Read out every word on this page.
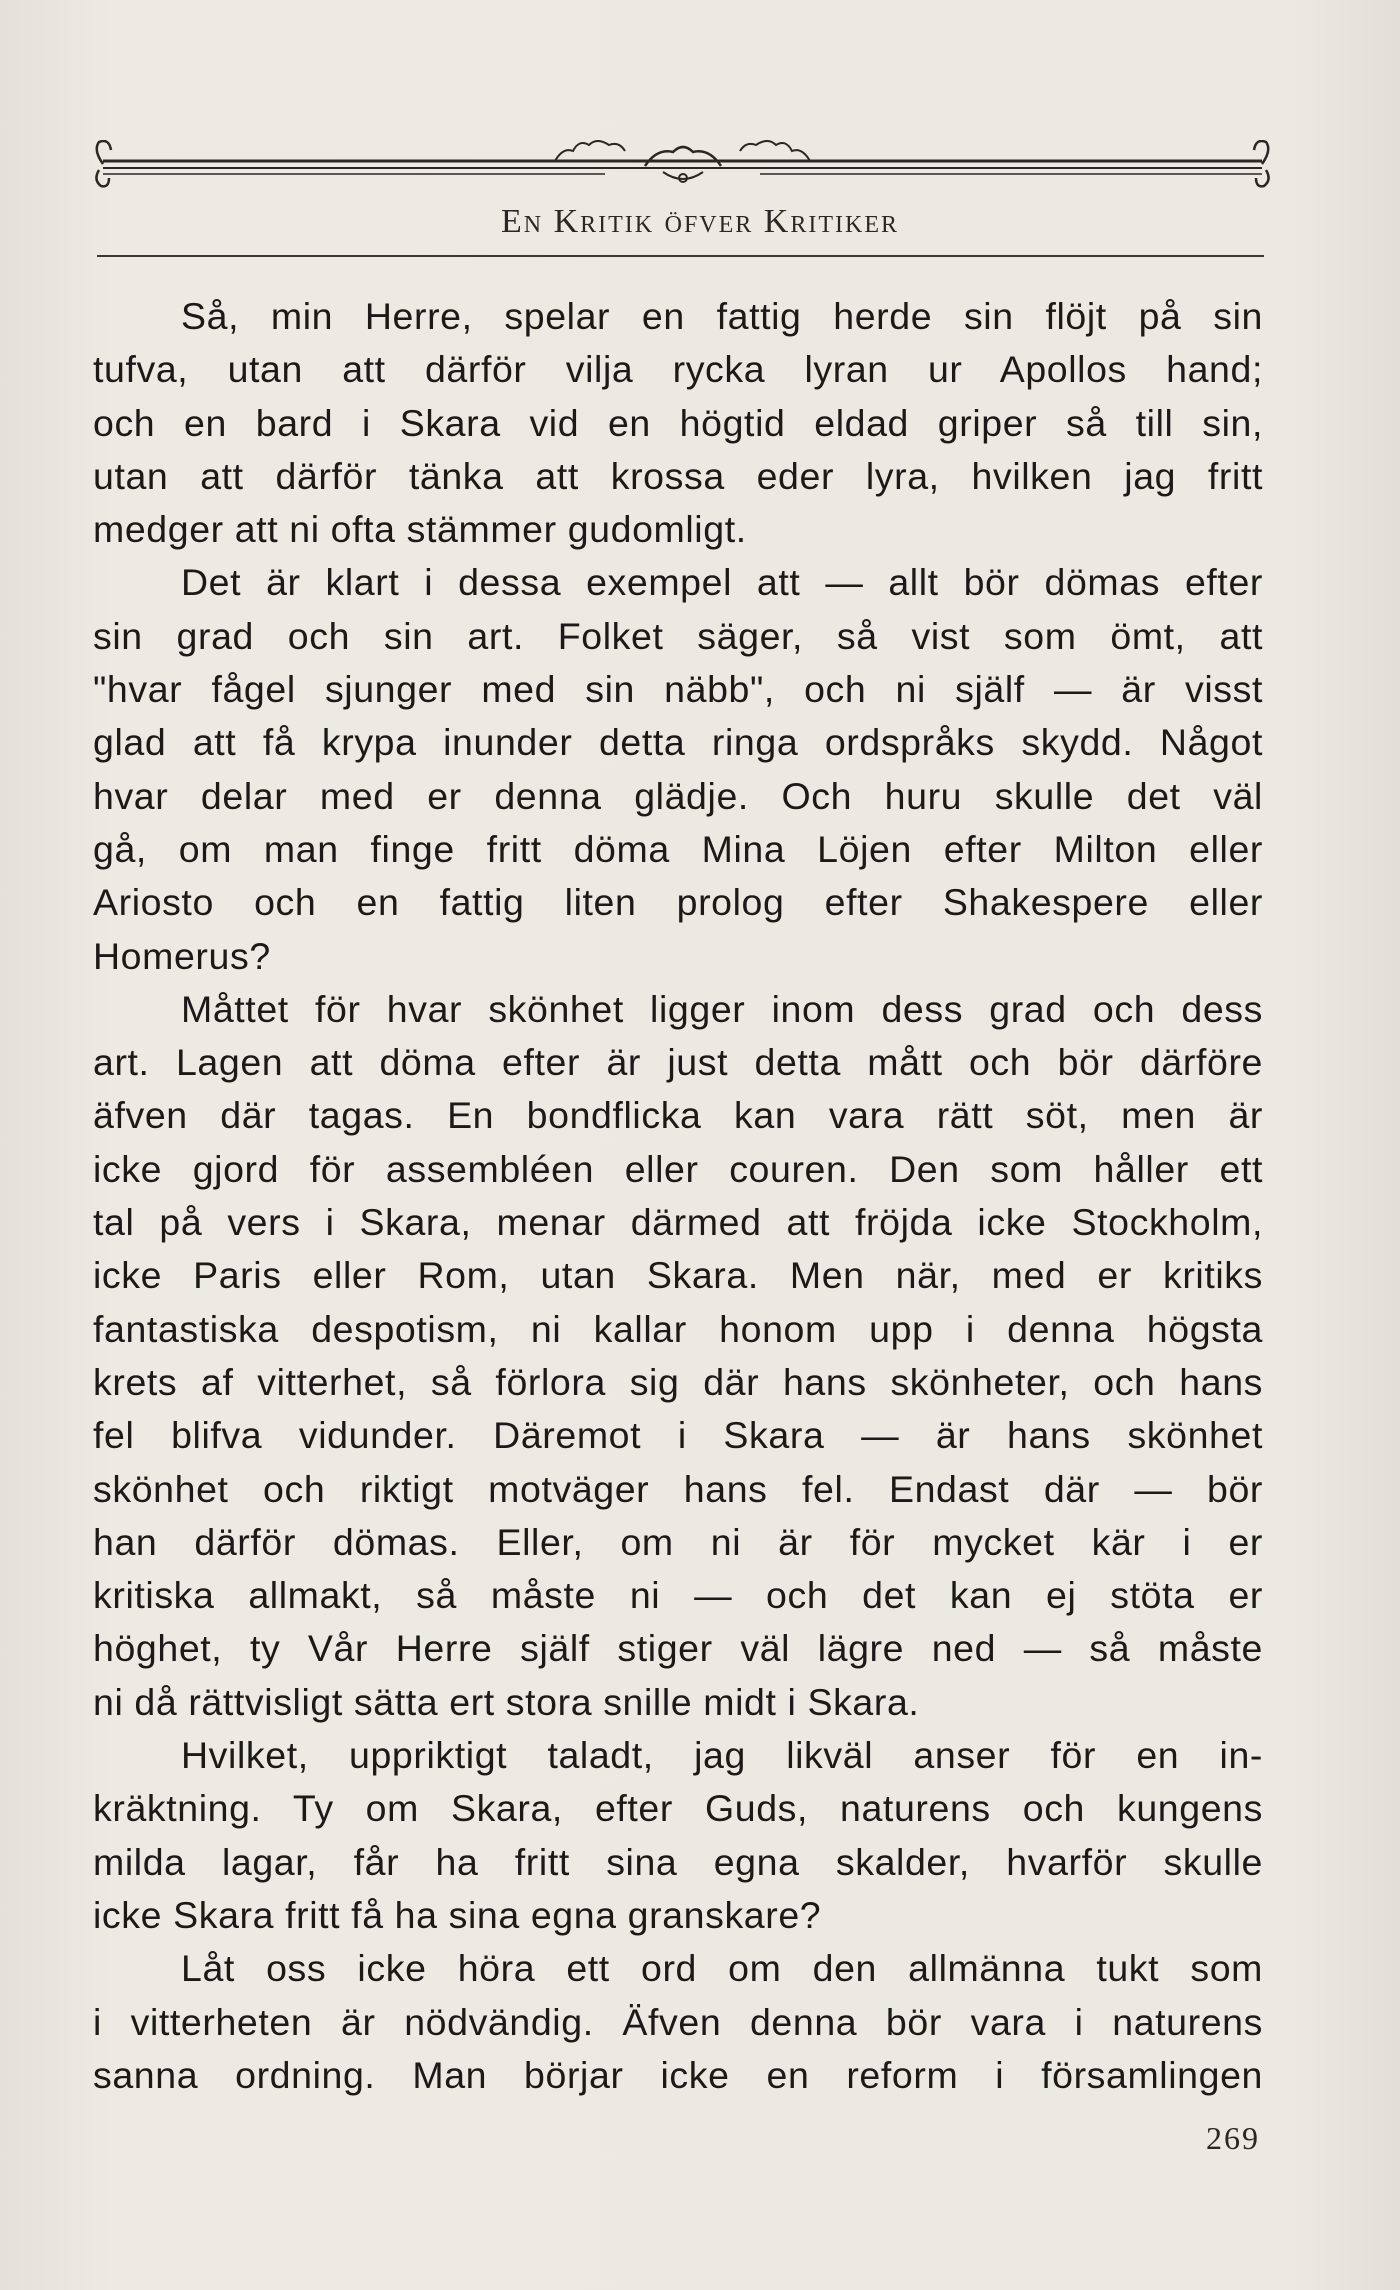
En Kritik öfver Kritiker

Så, min Herre, spelar en fattig herde sin flöjt på sin

tufva, utan att därför vilja rycka lyran ur Apollos hand;

och en bard i Skara vid en högtid eldad griper så till sin,

utan att därför tänka att krossa eder lyra, hvilken jag fritt

medger att ni ofta stämmer gudomligt.

Det är klart i dessa exempel att — allt bör dömas efter

sin grad och sin art. Folket säger, så vist som ömt, att

"hvar fågel sjunger med sin näbb", och ni själf — är visst

glad att få krypa inunder detta ringa ordspråks skydd. Något

hvar delar med er denna glädje. Och huru skulle det väl

gå, om man finge fritt döma Mina Löjen efter Milton eller

Ariosto och en fattig liten prolog efter Shakespere eller

Homerus?

Måttet för hvar skönhet ligger inom dess grad och dess

art. Lagen att döma efter är just detta mått och bör därföre

äfven där tagas. En bondflicka kan vara rätt söt, men är

icke gjord för assembléen eller couren. Den som håller ett

tal på vers i Skara, menar därmed att fröjda icke Stockholm,

icke Paris eller Rom, utan Skara. Men när, med er kritiks

fantastiska despotism, ni kallar honom upp i denna högsta

krets af vitterhet, så förlora sig där hans skönheter, och hans

fel blifva vidunder. Däremot i Skara — är hans skönhet

skönhet och riktigt motväger hans fel. Endast där — bör

han därför dömas. Eller, om ni är för mycket kär i er

kritiska allmakt, så måste ni — och det kan ej stöta er

höghet, ty Vår Herre själf stiger väl lägre ned — så måste

ni då rättvisligt sätta ert stora snille midt i Skara.

Hvilket, uppriktigt taladt, jag likväl anser för en in-

kräktning. Ty om Skara, efter Guds, naturens och kungens

milda lagar, får ha fritt sina egna skalder, hvarför skulle

icke Skara fritt få ha sina egna granskare?

Låt oss icke höra ett ord om den allmänna tukt som

i vitterheten är nödvändig. Äfven denna bör vara i naturens

sanna ordning. Man börjar icke en reform i församlingen

269
